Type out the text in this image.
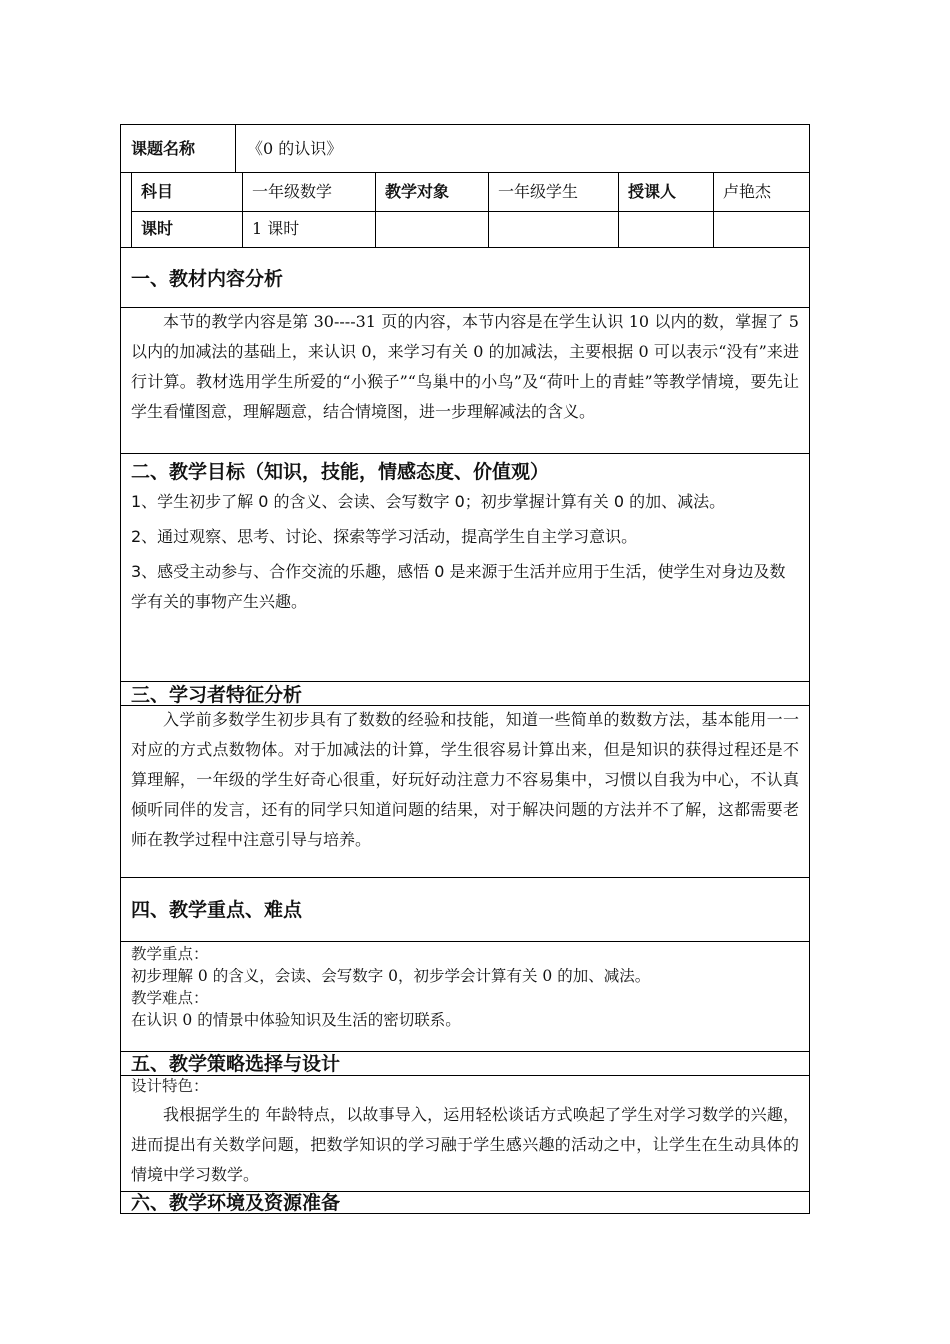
课题名称	《0 的认识》
科目	一年级数学	教学对象	一年级学生	授课人	卢艳杰
课时	1 课时
一、教材内容分析
本节的教学内容是第 30----31 页的内容，本节内容是在学生认识 10 以内的数，掌握了 5 以内的加减法的基础上，来认识 0，来学习有关 0 的加减法，主要根据 0 可以表示“没有”来进行计算。教材选用学生所爱的“小猴子”“鸟巢中的小鸟”及“荷叶上的青蛙”等教学情境，要先让学生看懂图意，理解题意，结合情境图，进一步理解减法的含义。
二、教学目标（知识，技能，情感态度、价值观）
1、学生初步了解 0 的含义、会读、会写数字 0；初步掌握计算有关 0 的加、减法。
2、通过观察、思考、讨论、探索等学习活动，提高学生自主学习意识。
3、感受主动参与、合作交流的乐趣，感悟 0 是来源于生活并应用于生活，使学生对身边及数学有关的事物产生兴趣。
三、学习者特征分析
入学前多数学生初步具有了数数的经验和技能，知道一些简单的数数方法，基本能用一一对应的方式点数物体。对于加减法的计算，学生很容易计算出来，但是知识的获得过程还是不算理解，一年级的学生好奇心很重，好玩好动注意力不容易集中，习惯以自我为中心，不认真倾听同伴的发言，还有的同学只知道问题的结果，对于解决问题的方法并不了解，这都需要老师在教学过程中注意引导与培养。
四、教学重点、难点
教学重点：
初步理解 0 的含义，会读、会写数字 0，初步学会计算有关 0 的加、减法。
教学难点：
在认识 0 的情景中体验知识及生活的密切联系。
五、教学策略选择与设计
设计特色：
我根据学生的 年龄特点，以故事导入，运用轻松谈话方式唤起了学生对学习数学的兴趣，进而提出有关数学问题，把数学知识的学习融于学生感兴趣的活动之中，让学生在生动具体的情境中学习数学。
六、教学环境及资源准备
